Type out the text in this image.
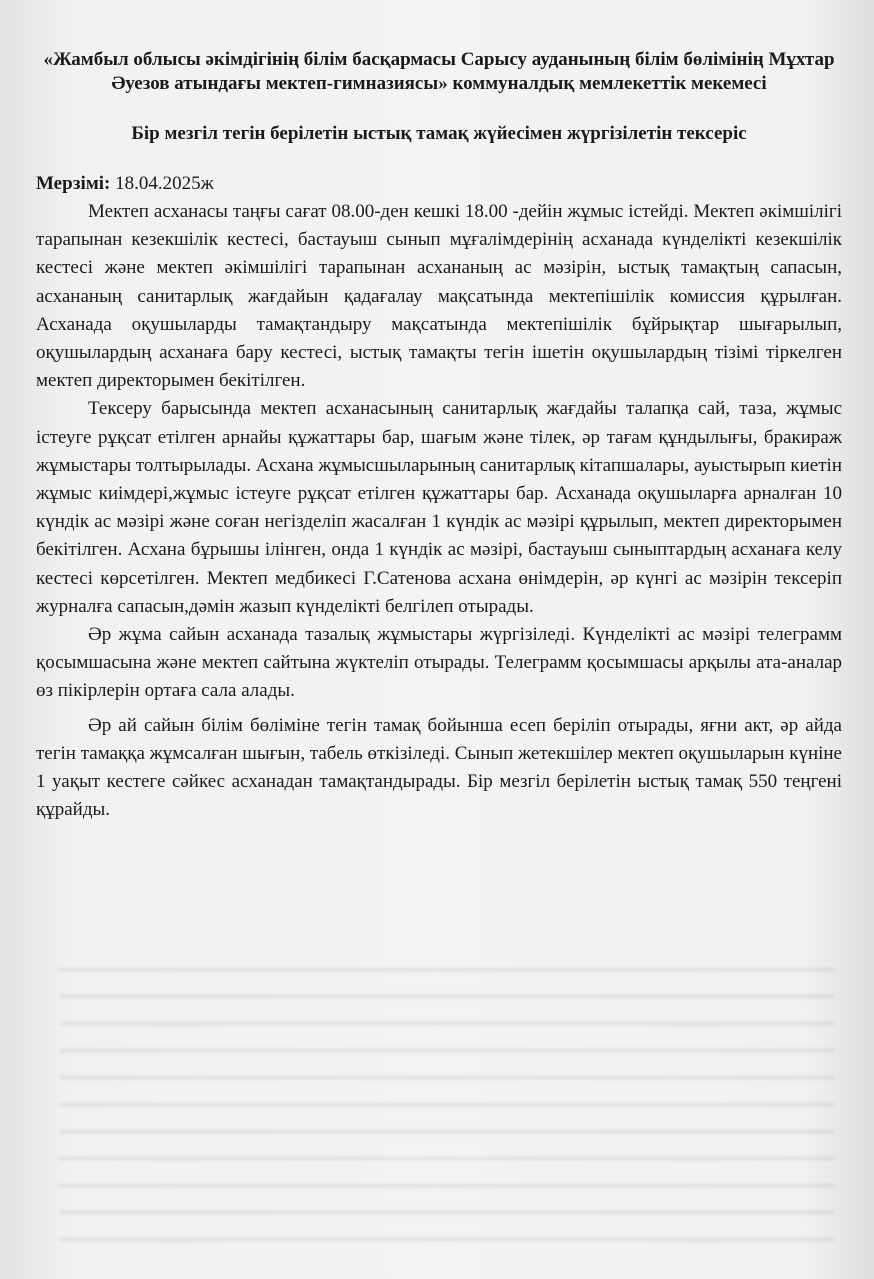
«Жамбыл облысы әкімдігінің білім басқармасы Сарысу ауданының білім бөлімінің Мұхтар Әуезов атындағы мектеп-гимназиясы» коммуналдық мемлекеттік мекемесі
Бір мезгіл тегін берілетін ыстық тамақ жүйесімен жүргізілетін тексеріс

Мерзімі: 18.04.2025ж

Мектеп асханасы таңғы сағат 08.00-ден кешкі 18.00 -дейін жұмыс істейді. Мектеп әкімшілігі тарапынан кезекшілік кестесі, бастауыш сынып мұғалімдерінің асханада күнделікті кезекшілік кестесі және мектеп әкімшілігі тарапынан асхананың ас мәзірін, ыстық тамақтың сапасын, асхананың санитарлық жағдайын қадағалау мақсатында мектепішілік комиссия құрылған. Асханада оқушыларды тамақтандыру мақсатында мектепішілік бұйрықтар шығарылып, оқушылардың асханаға бару кестесі, ыстық тамақты тегін ішетін оқушылардың тізімі тіркелген мектеп директорымен бекітілген.

Тексеру барысында мектеп асханасының санитарлық жағдайы талапқа сай, таза, жұмыс істеуге рұқсат етілген арнайы құжаттары бар, шағым және тілек, әр тағам құндылығы, бракираж жұмыстары толтырылады. Асхана жұмысшыларының санитарлық кітапшалары, ауыстырып киетін жұмыс киімдері,жұмыс істеуге рұқсат етілген құжаттары бар. Асханада оқушыларға арналған 10 күндік ас мәзірі және соған негізделіп жасалған 1 күндік ас мәзірі құрылып, мектеп директорымен бекітілген. Асхана бұрышы ілінген, онда 1 күндік ас мәзірі, бастауыш сыныптардың асханаға келу кестесі көрсетілген. Мектеп медбикесі Г.Сатенова асхана өнімдерін, әр күнгі ас мәзірін тексеріп журналға сапасын,дәмін жазып күнделікті белгілеп отырады.

Әр жұма сайын асханада тазалық жұмыстары жүргізіледі. Күнделікті ас мәзірі телеграмм қосымшасына және мектеп сайтына жүктеліп отырады. Телеграмм қосымшасы арқылы ата-аналар өз пікірлерін ортаға сала алады.

Әр ай сайын білім бөліміне тегін тамақ бойынша есеп беріліп отырады, яғни акт, әр айда тегін тамаққа жұмсалған шығын, табель өткізіледі. Сынып жетекшілер мектеп оқушыларын күніне 1 уақыт кестеге сәйкес асханадан тамақтандырады. Бір мезгіл берілетін ыстық тамақ 550 теңгені құрайды.
